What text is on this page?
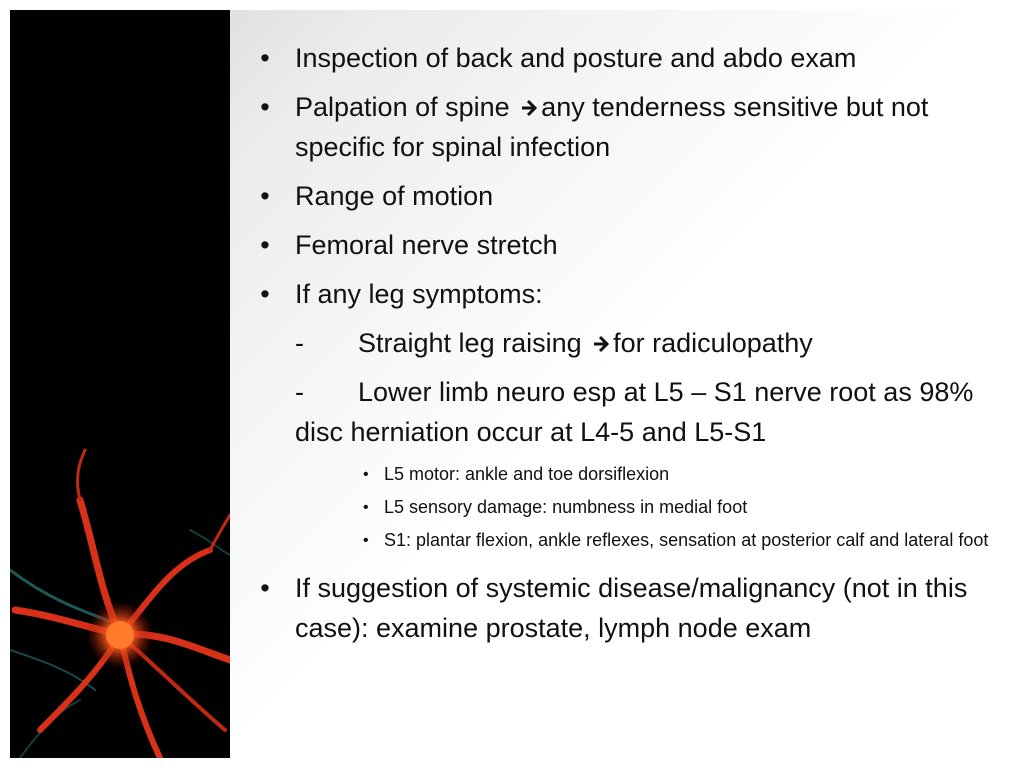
• Inspection of back and posture and abdo exam
• Palpation of spine any tenderness sensitive but not specific for spinal infection
• Range of motion
• Femoral nerve stretch
• If any leg symptoms:
- Straight leg raising for radiculopathy
- Lower limb neuro esp at L5 – S1 nerve root as 98% disc herniation occur at L4-5 and L5-S1
• L5 motor: ankle and toe dorsiflexion
• L5 sensory damage: numbness in medial foot
• S1: plantar flexion, ankle reflexes, sensation at posterior calf and lateral foot
• If suggestion of systemic disease/malignancy (not in this case): examine prostate, lymph node exam
